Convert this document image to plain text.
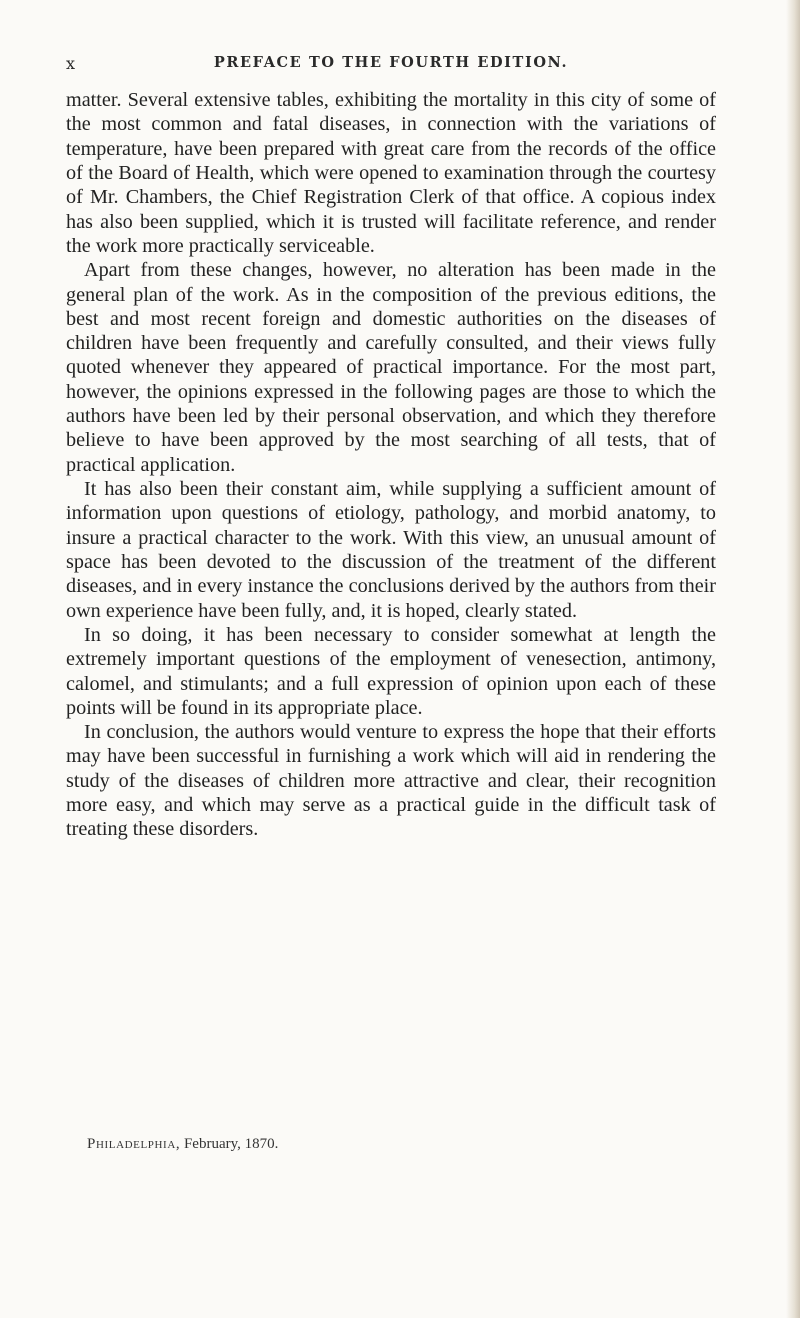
x	PREFACE TO THE FOURTH EDITION.

matter. Several extensive tables, exhibiting the mortality in this city of some of the most common and fatal diseases, in connection with the variations of temperature, have been prepared with great care from the records of the office of the Board of Health, which were opened to examination through the courtesy of Mr. Chambers, the Chief Registration Clerk of that office. A copious index has also been supplied, which it is trusted will facilitate reference, and render the work more practically serviceable.

Apart from these changes, however, no alteration has been made in the general plan of the work. As in the composition of the previous editions, the best and most recent foreign and domestic authorities on the diseases of children have been frequently and carefully consulted, and their views fully quoted whenever they appeared of practical importance. For the most part, however, the opinions expressed in the following pages are those to which the authors have been led by their personal observation, and which they therefore believe to have been approved by the most searching of all tests, that of practical application.

It has also been their constant aim, while supplying a sufficient amount of information upon questions of etiology, pathology, and morbid anatomy, to insure a practical character to the work. With this view, an unusual amount of space has been devoted to the discussion of the treatment of the different diseases, and in every instance the conclusions derived by the authors from their own experience have been fully, and, it is hoped, clearly stated.

In so doing, it has been necessary to consider somewhat at length the extremely important questions of the employment of venesection, antimony, calomel, and stimulants; and a full expression of opinion upon each of these points will be found in its appropriate place.

In conclusion, the authors would venture to express the hope that their efforts may have been successful in furnishing a work which will aid in rendering the study of the diseases of children more attractive and clear, their recognition more easy, and which may serve as a practical guide in the difficult task of treating these disorders.

Philadelphia, February, 1870.
